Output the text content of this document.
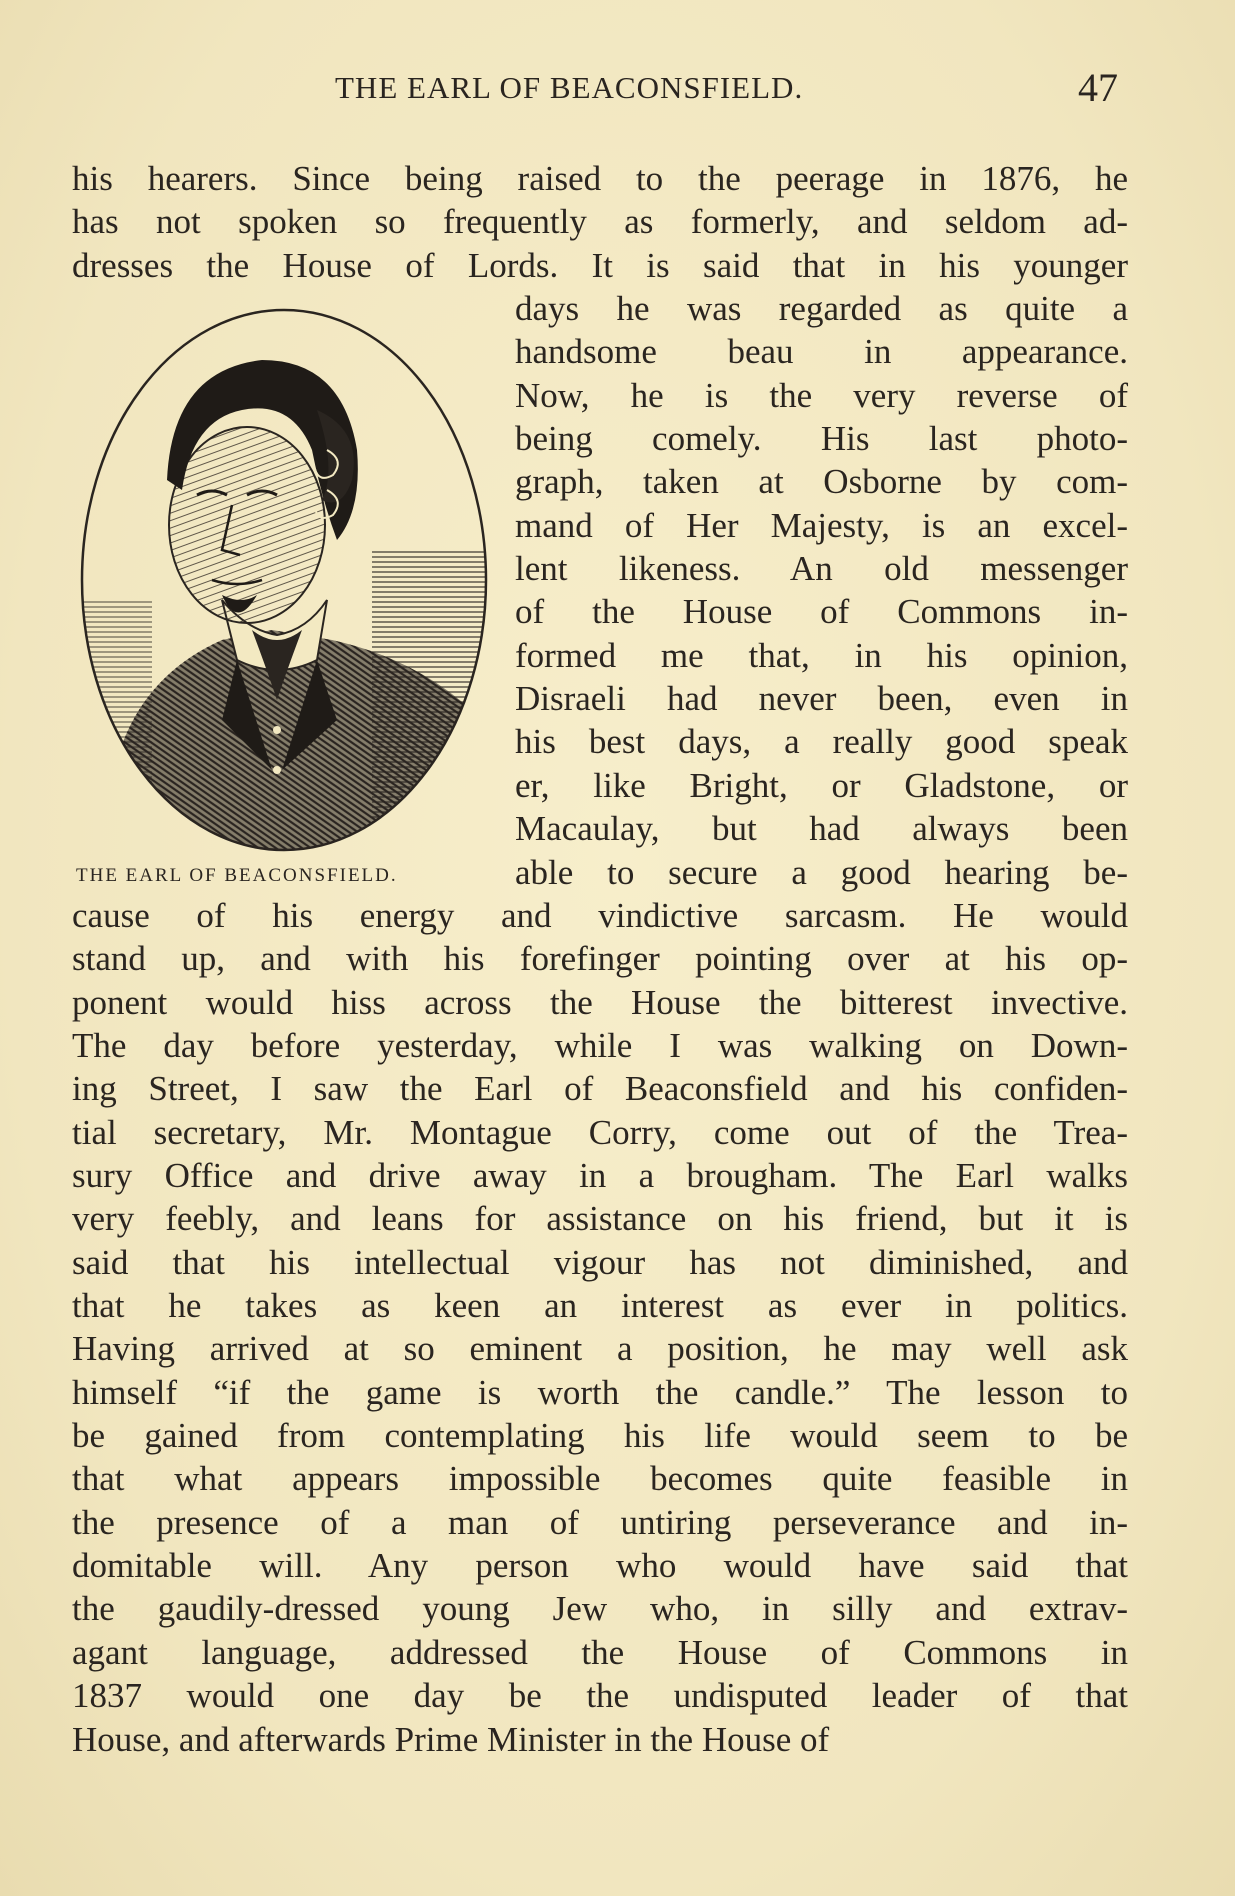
THE EARL OF BEACONSFIELD.	47
his hearers. Since being raised to the peerage in 1876, he
has not spoken so frequently as formerly, and seldom ad-
dresses the House of Lords. It is said that in his younger
days he was regarded as quite a
handsome beau in appearance.
Now, he is the very reverse of
being comely. His last photo-
graph, taken at Osborne by com-
mand of Her Majesty, is an excel-
lent likeness. An old messenger
of the House of Commons in-
formed me that, in his opinion,
Disraeli had never been, even in
his best days, a really good speak
er, like Bright, or Gladstone, or
Macaulay, but had always been
able to secure a good hearing be-
cause of his energy and vindictive sarcasm. He would
stand up, and with his forefinger pointing over at his op-
ponent would hiss across the House the bitterest invective.
The day before yesterday, while I was walking on Down-
ing Street, I saw the Earl of Beaconsfield and his confiden-
tial secretary, Mr. Montague Corry, come out of the Trea-
sury Office and drive away in a brougham. The Earl walks
very feebly, and leans for assistance on his friend, but it is
said that his intellectual vigour has not diminished, and
that he takes as keen an interest as ever in politics.
Having arrived at so eminent a position, he may well ask
himself “if the game is worth the candle.” The lesson to
be gained from contemplating his life would seem to be
that what appears impossible becomes quite feasible in
the presence of a man of untiring perseverance and in-
domitable will. Any person who would have said that
the gaudily-dressed young Jew who, in silly and extrav-
agant language, addressed the House of Commons in
1837 would one day be the undisputed leader of that
House, and afterwards Prime Minister in the House of
THE EARL OF BEACONSFIELD.
